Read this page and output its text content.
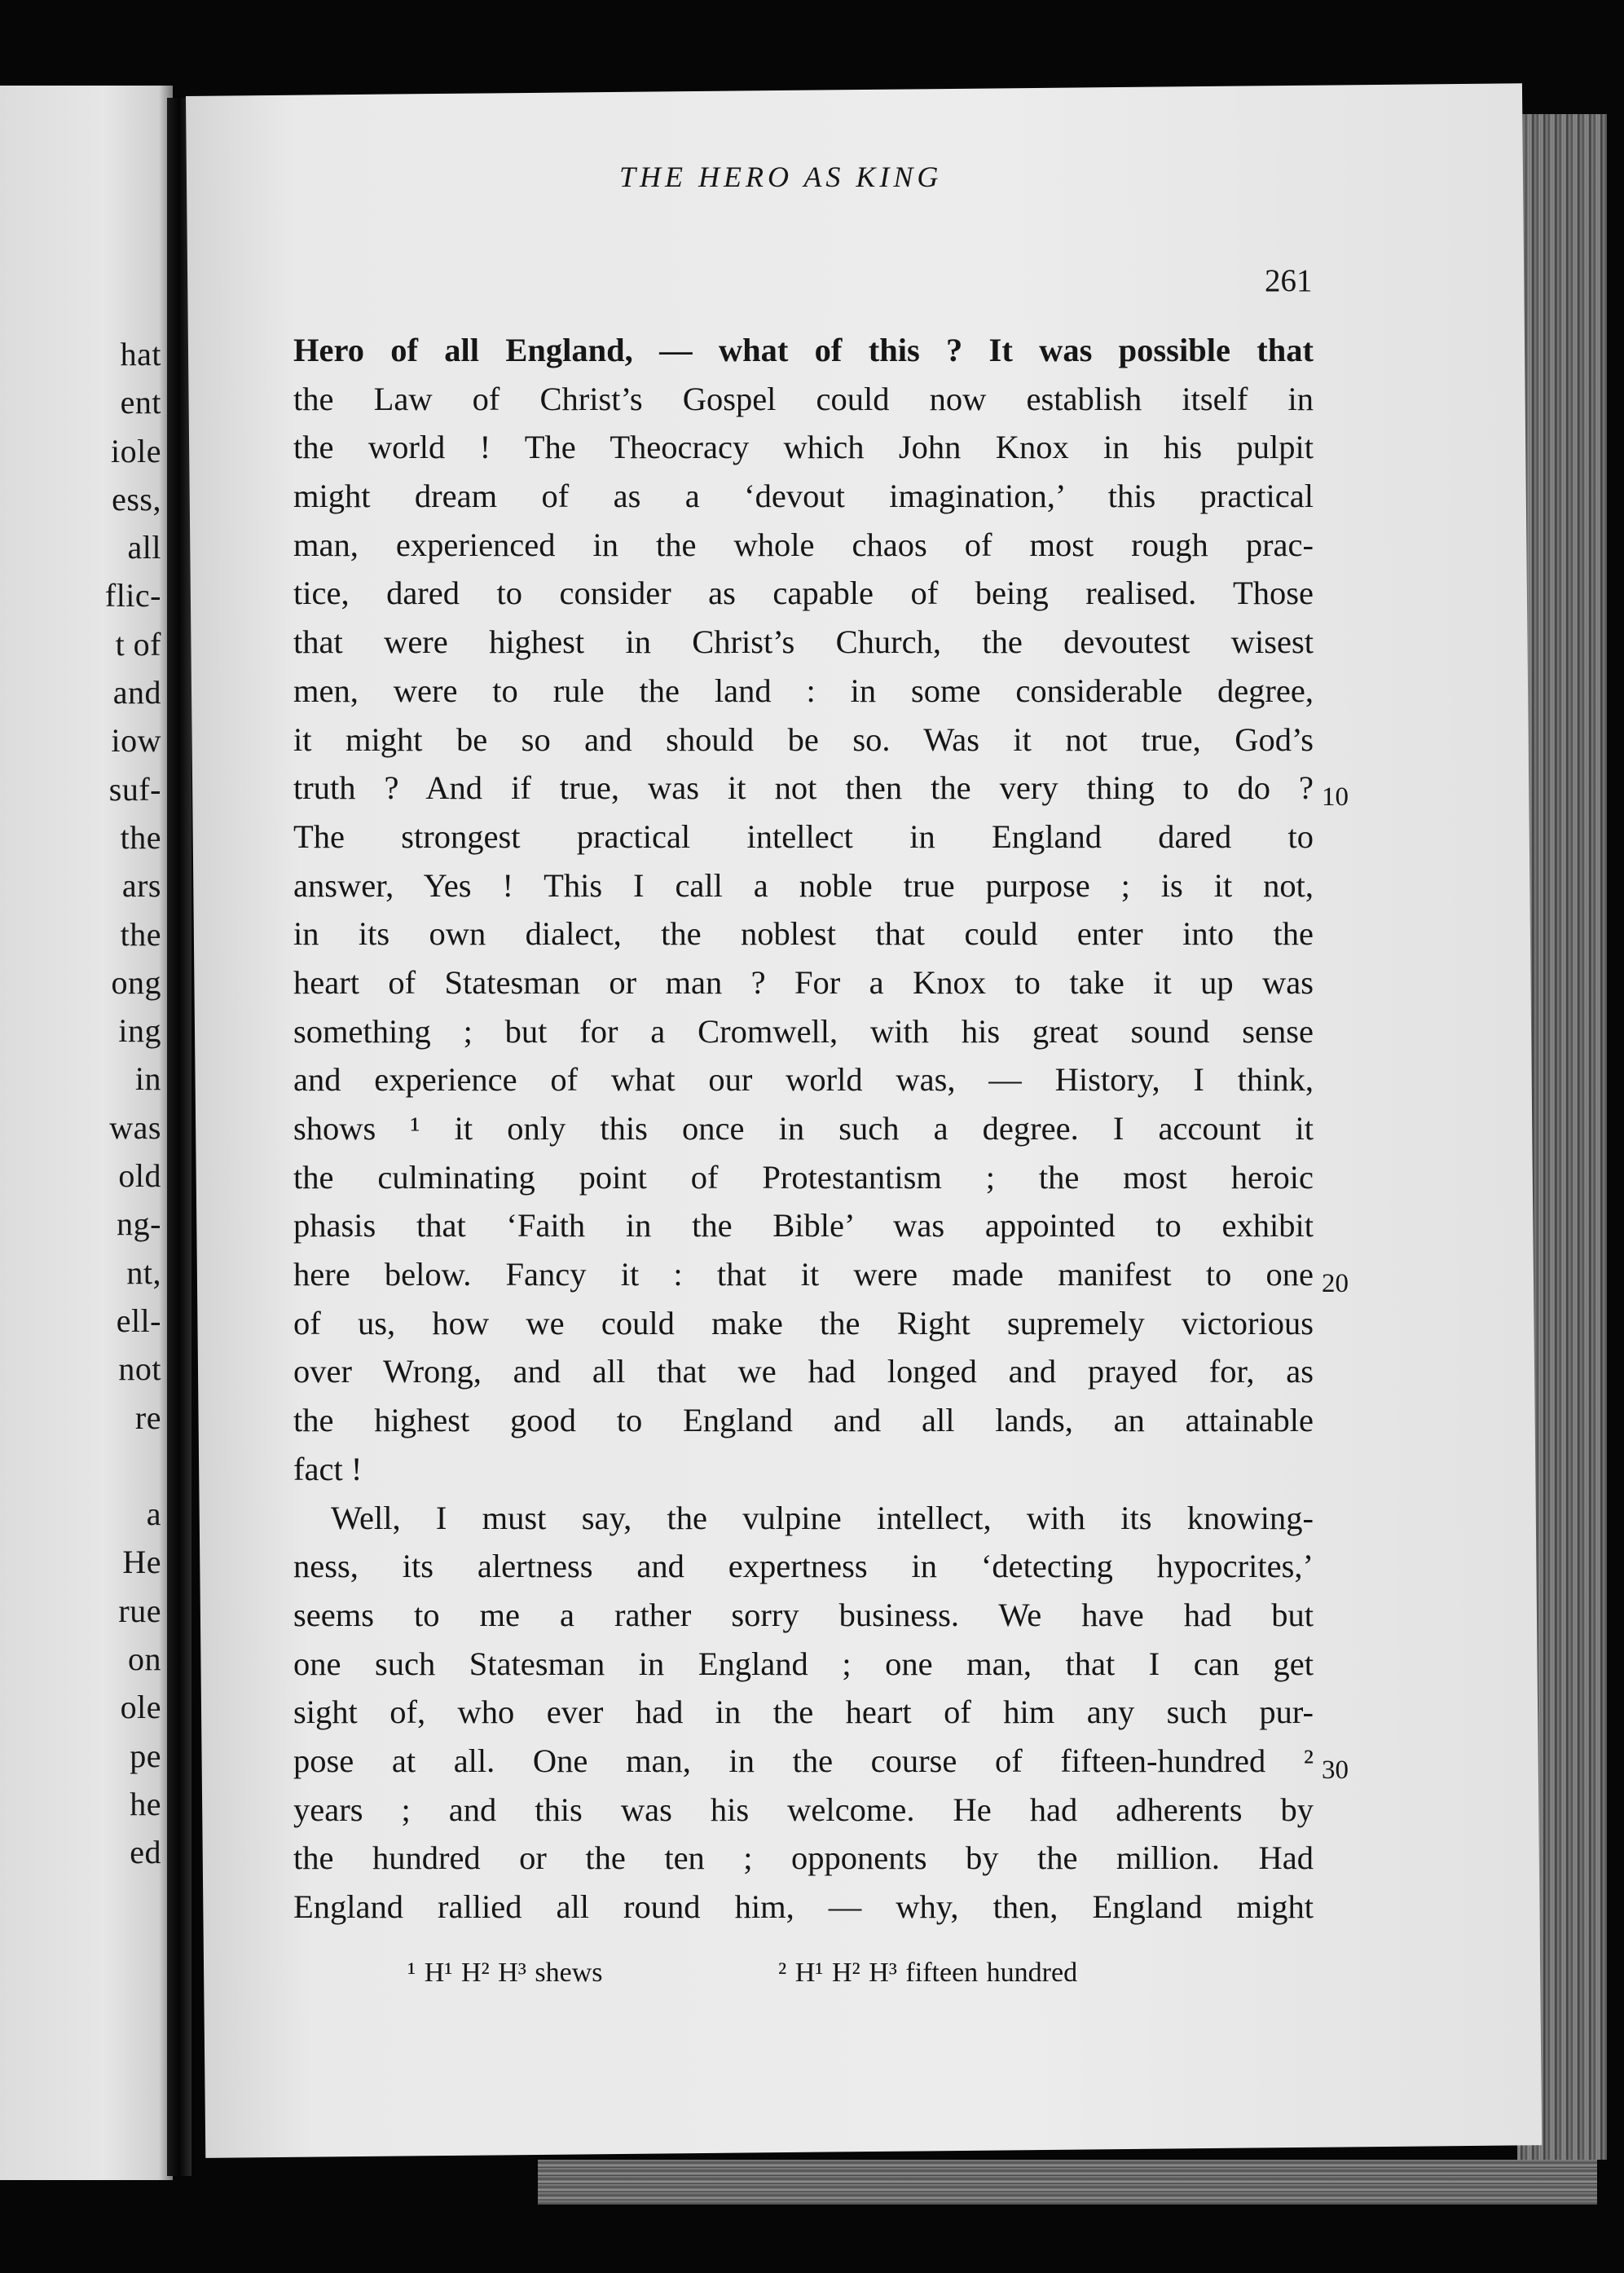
hat
ent
iole
ess,
all
flic-
t of
and
iow
suf-
the
ars
the
ong
ing
in
was
old
ng-
nt,
ell-
not
re
a
He
rue
on
ole
pe
he
ed
THE HERO AS KING
261
Hero of all England, — what of this ? It was possible that
the Law of Christ’s Gospel could now establish itself in
the world ! The Theocracy which John Knox in his pulpit
might dream of as a ‘devout imagination,’ this practical
man, experienced in the whole chaos of most rough prac-
tice, dared to consider as capable of being realised. Those
that were highest in Christ’s Church, the devoutest wisest
men, were to rule the land : in some considerable degree,
it might be so and should be so. Was it not true, God’s
truth ? And if true, was it not then the very thing to do ?
The strongest practical intellect in England dared to
answer, Yes ! This I call a noble true purpose ; is it not,
in its own dialect, the noblest that could enter into the
heart of Statesman or man ? For a Knox to take it up was
something ; but for a Cromwell, with his great sound sense
and experience of what our world was, — History, I think,
shows ¹ it only this once in such a degree. I account it
the culminating point of Protestantism ; the most heroic
phasis that ‘Faith in the Bible’ was appointed to exhibit
here below. Fancy it : that it were made manifest to one
of us, how we could make the Right supremely victorious
over Wrong, and all that we had longed and prayed for, as
the highest good to England and all lands, an attainable
fact !
Well, I must say, the vulpine intellect, with its knowing-
ness, its alertness and expertness in ‘detecting hypocrites,’
seems to me a rather sorry business. We have had but
one such Statesman in England ; one man, that I can get
sight of, who ever had in the heart of him any such pur-
pose at all. One man, in the course of fifteen-hundred ²
years ; and this was his welcome. He had adherents by
the hundred or the ten ; opponents by the million. Had
England rallied all round him, — why, then, England might
10
20
30
¹ H¹ H² H³ shews	² H¹ H² H³ fifteen hundred
